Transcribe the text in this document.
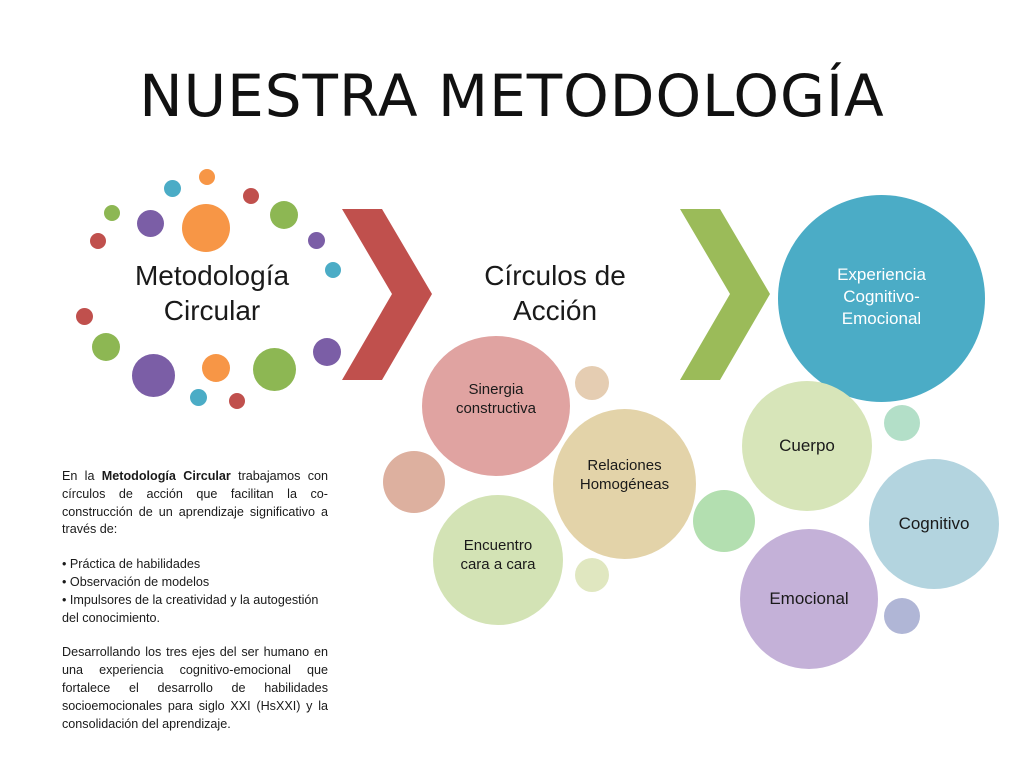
NUESTRA METODOLOGÍA
Metodología
Circular
Círculos de
Acción
Sinergia
constructiva
Relaciones
Homogéneas
Encuentro
cara a cara
Experiencia
Cognitivo-
Emocional
Cuerpo
Cognitivo
Emocional

En la Metodología Circular trabajamos con círculos de acción que facilitan la co-construcción de un aprendizaje significativo a través de:

• Práctica de habilidades
• Observación de modelos
• Impulsores de la creatividad y la autogestión del conocimiento.

Desarrollando los tres ejes del ser humano en una experiencia cognitivo-emocional que fortalece el desarrollo de habilidades socioemocionales para siglo XXI (HsXXI) y la consolidación del aprendizaje.
